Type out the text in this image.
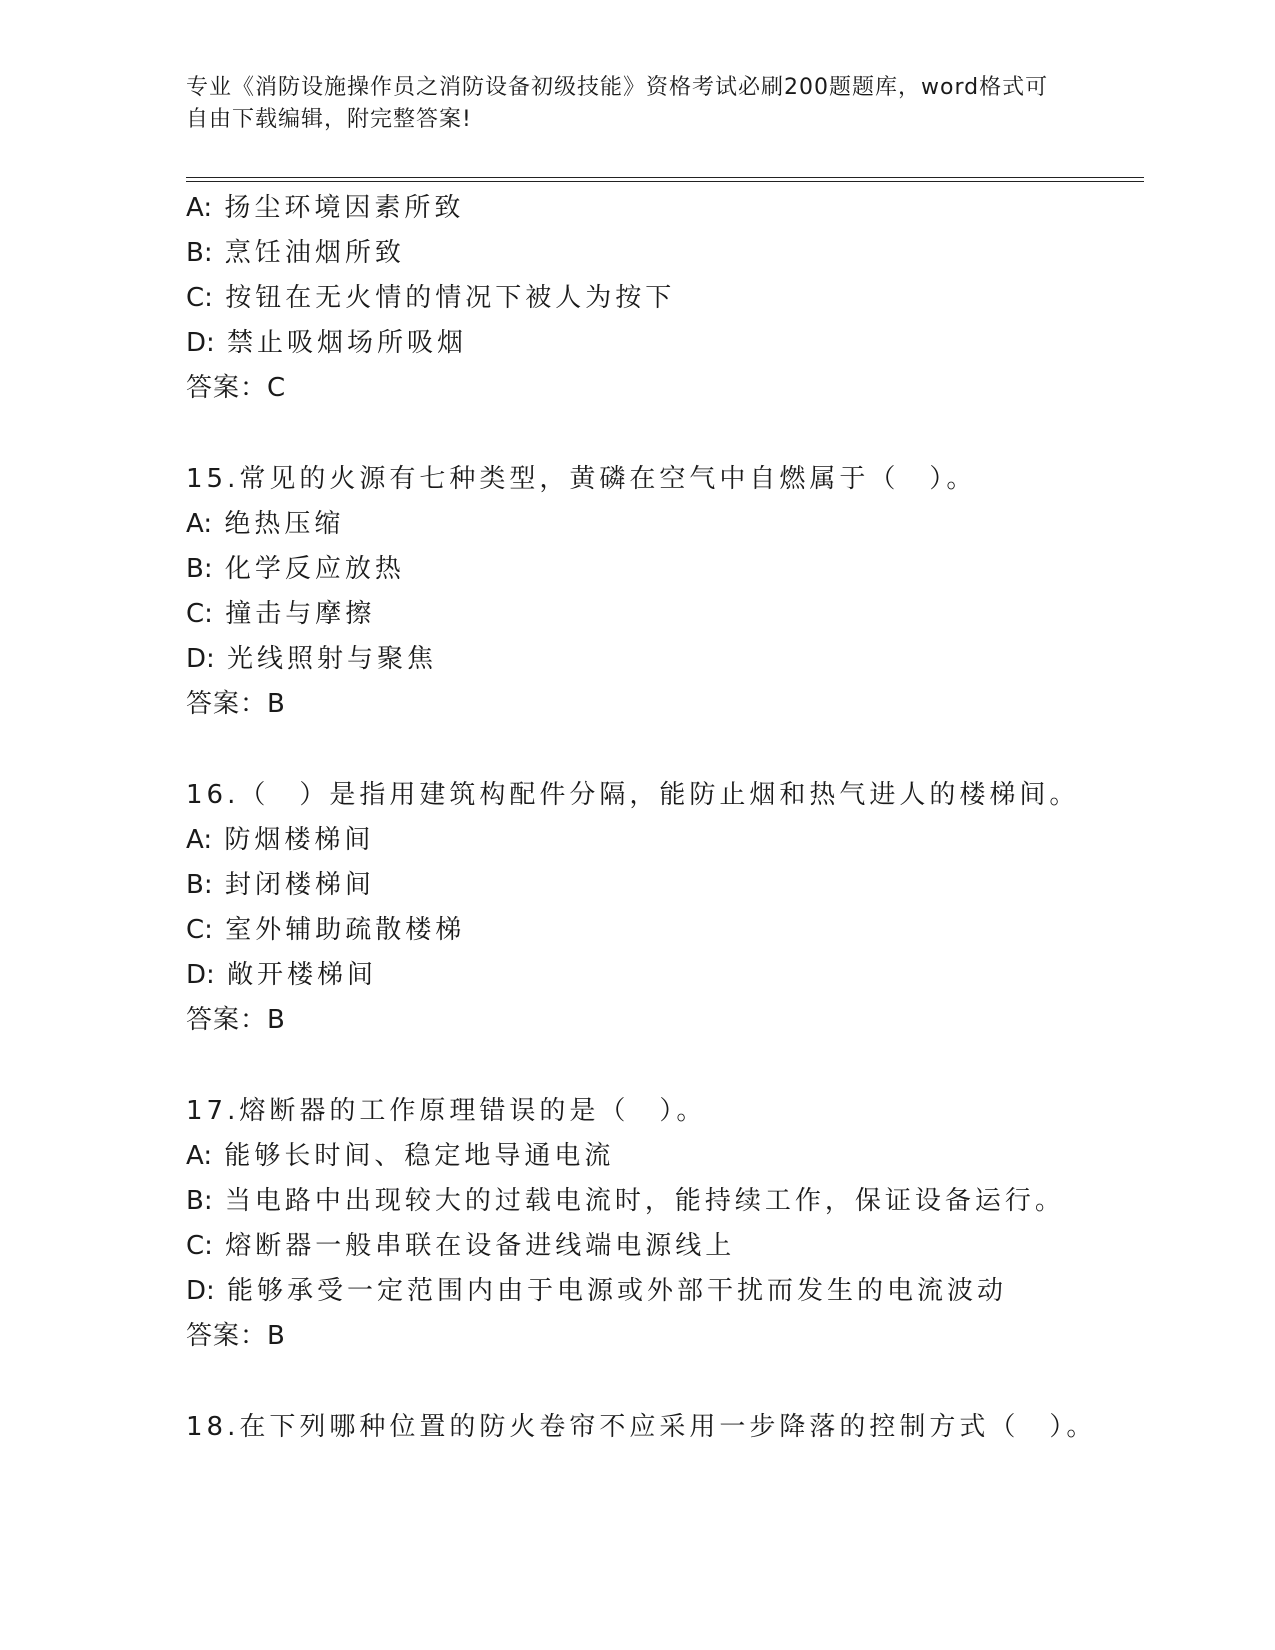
专业《消防设施操作员之消防设备初级技能》资格考试必刷200题题库，word格式可自由下载编辑，附完整答案!
A: 扬尘环境因素所致
B: 烹饪油烟所致
C: 按钮在无火情的情况下被人为按下
D: 禁止吸烟场所吸烟
答案：C
15.常见的火源有七种类型，黄磷在空气中自燃属于（　）。
A: 绝热压缩
B: 化学反应放热
C: 撞击与摩擦
D: 光线照射与聚焦
答案：B
16.（　）是指用建筑构配件分隔，能防止烟和热气进人的楼梯间。
A: 防烟楼梯间
B: 封闭楼梯间
C: 室外辅助疏散楼梯
D: 敞开楼梯间
答案：B
17.熔断器的工作原理错误的是（　）。
A: 能够长时间、稳定地导通电流
B: 当电路中出现较大的过载电流时，能持续工作，保证设备运行。
C: 熔断器一般串联在设备进线端电源线上
D: 能够承受一定范围内由于电源或外部干扰而发生的电流波动
答案：B
18.在下列哪种位置的防火卷帘不应采用一步降落的控制方式（　）。
